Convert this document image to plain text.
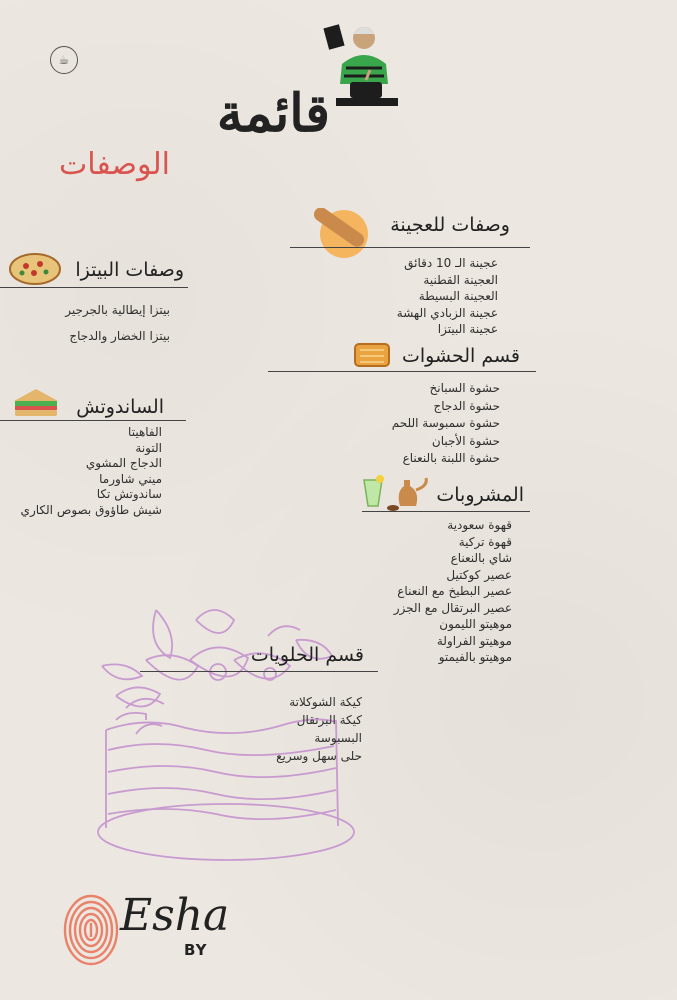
☕
قائمة
الوصفات
وصفات للعجينة
عجينة الـ 10 دقائق
العجينة القطنية
العجينة البسيطة
عجينة الزبادي الهشة
عجينة البيتزا
وصفات البيتزا
بيتزا إيطالية بالجرجير
بيتزا الخضار والدجاج
قسم الحشوات
حشوة السبانخ
حشوة الدجاج
حشوة سمبوسة اللحم
حشوة الأجبان
حشوة اللبنة بالنعناع
الساندوتش
الفاهيتا
التونة
الدجاج المشوي
ميني شاورما
ساندوتش تكا
شيش طاؤوق بصوص الكاري
المشروبات
قهوة سعودية
قهوة تركية
شاي بالنعناع
عصير كوكتيل
عصير البطيخ مع النعناع
عصير البرتقال مع الجزر
موهيتو الليمون
موهيتو الفراولة
موهيتو بالفيمتو
قسم الحلويات
كيكة الشوكلاتة
كيكة البرتقال
البسبوسة
حلى سهل وسريع
Esha
BY
